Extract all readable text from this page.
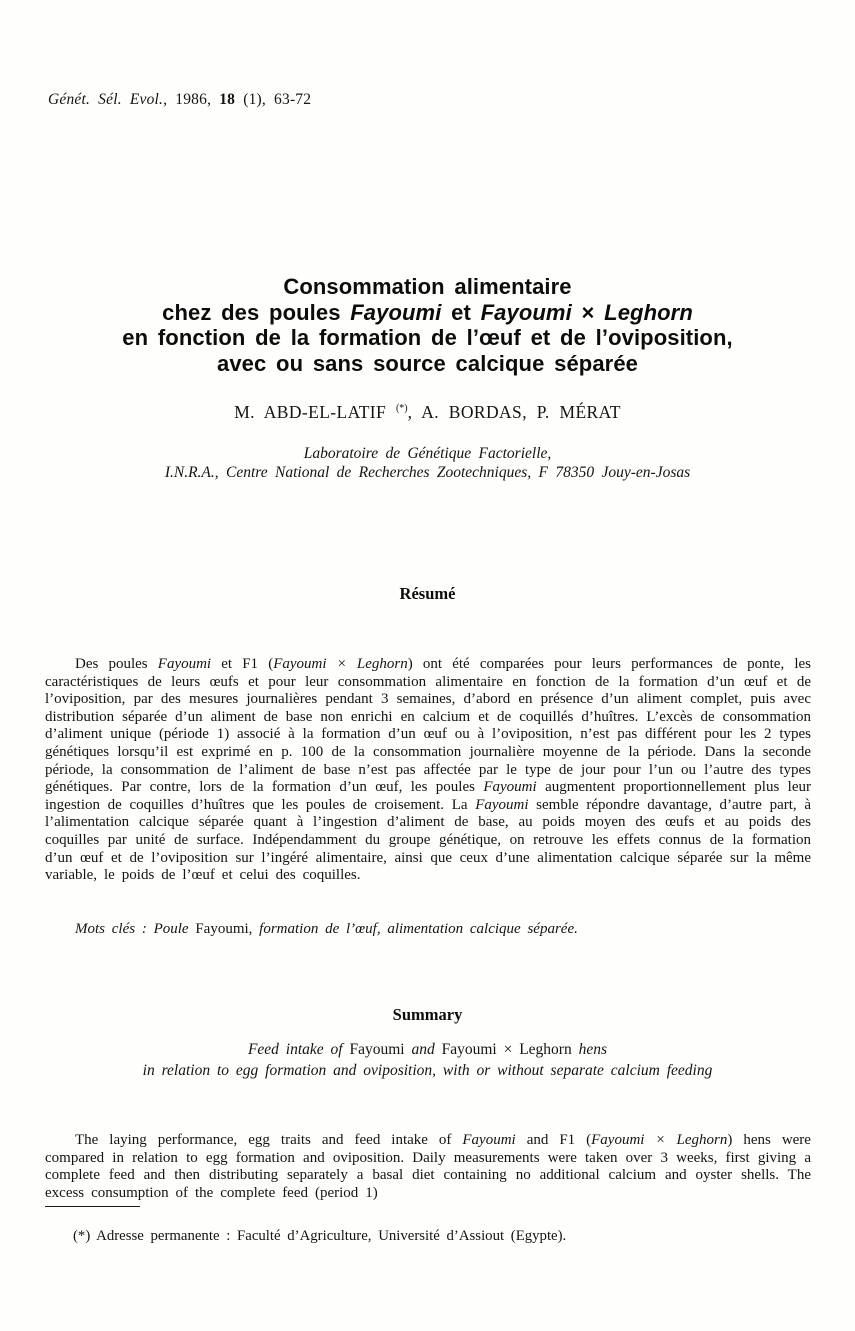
Génét. Sél. Evol., 1986, 18 (1), 63-72
Consommation alimentaire
chez des poules Fayoumi et Fayoumi × Leghorn
en fonction de la formation de l’œuf et de l’oviposition,
avec ou sans source calcique séparée
M. ABD-EL-LATIF (*), A. BORDAS, P. MÉRAT
Laboratoire de Génétique Factorielle,
I.N.R.A., Centre National de Recherches Zootechniques, F 78350 Jouy-en-Josas
Résumé

Des poules Fayoumi et F1 (Fayoumi × Leghorn) ont été comparées pour leurs performances de ponte, les caractéristiques de leurs œufs et pour leur consommation alimentaire en fonction de la formation d’un œuf et de l’oviposition, par des mesures journalières pendant 3 semaines, d’abord en présence d’un aliment complet, puis avec distribution séparée d’un aliment de base non enrichi en calcium et de coquillés d’huîtres. L’excès de consommation d’aliment unique (période 1) associé à la formation d’un œuf ou à l’oviposition, n’est pas différent pour les 2 types génétiques lorsqu’il est exprimé en p. 100 de la consommation journalière moyenne de la période. Dans la seconde période, la consommation de l’aliment de base n’est pas affectée par le type de jour pour l’un ou l’autre des types génétiques. Par contre, lors de la formation d’un œuf, les poules Fayoumi augmentent proportionnellement plus leur ingestion de coquilles d’huîtres que les poules de croisement. La Fayoumi semble répondre davantage, d’autre part, à l’alimentation calcique séparée quant à l’ingestion d’aliment de base, au poids moyen des œufs et au poids des coquilles par unité de surface. Indépendamment du groupe génétique, on retrouve les effets connus de la formation d’un œuf et de l’oviposition sur l’ingéré alimentaire, ainsi que ceux d’une alimentation calcique séparée sur la même variable, le poids de l’œuf et celui des coquilles.

Mots clés : Poule Fayoumi, formation de l’œuf, alimentation calcique séparée.

Summary
Feed intake of Fayoumi and Fayoumi × Leghorn hens
in relation to egg formation and oviposition, with or without separate calcium feeding

The laying performance, egg traits and feed intake of Fayoumi and F1 (Fayoumi × Leghorn) hens were compared in relation to egg formation and oviposition. Daily measurements were taken over 3 weeks, first giving a complete feed and then distributing separately a basal diet containing no additional calcium and oyster shells. The excess consumption of the complete feed (period 1)

(*) Adresse permanente : Faculté d’Agriculture, Université d’Assiout (Egypte).
